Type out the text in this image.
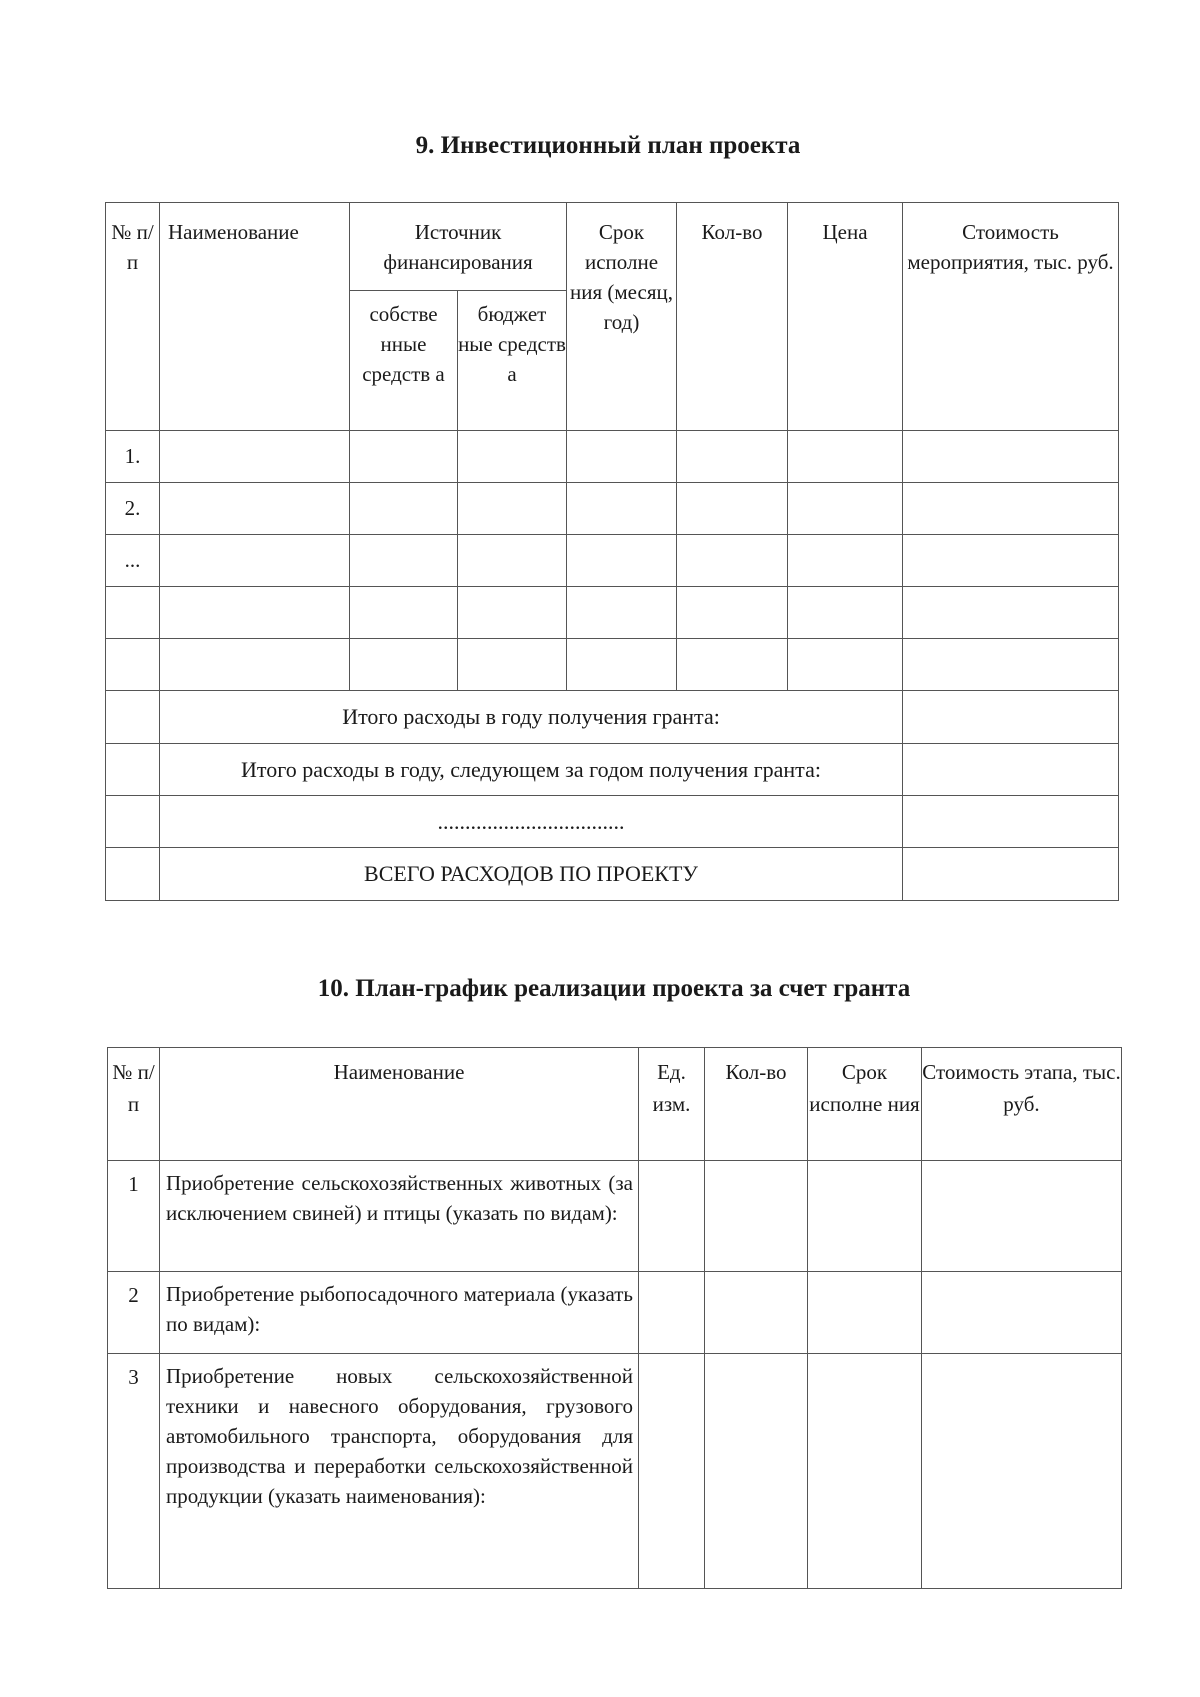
9. Инвестиционный план проекта
№ п/п	Наименование	Источник финансирования		Срок исполне ния (месяц, год)	Кол-во	Цена	Стоимость мероприятия, тыс. руб.
		собстве нные средств а	бюджет ные средств а				
1.							
2.							
...							

	Итого расходы в году получения гранта:						
	Итого расходы в году, следующем за годом получения гранта:						
	..................................						
	ВСЕГО РАСХОДОВ ПО ПРОЕКТУ						
10. План-график реализации проекта за счет гранта
№ п/п	Наименование	Ед. изм.	Кол-во	Срок исполне ния	Стоимость этапа, тыс. руб.
1	Приобретение сельскохозяйственных животных (за исключением свиней) и птицы (указать по видам):				
2	Приобретение рыбопосадочного материала (указать по видам):				
3	Приобретение новых сельскохозяйственной техники и навесного оборудования, грузового автомобильного транспорта, оборудования для производства и переработки сельскохозяйственной продукции (указать наименования):				
